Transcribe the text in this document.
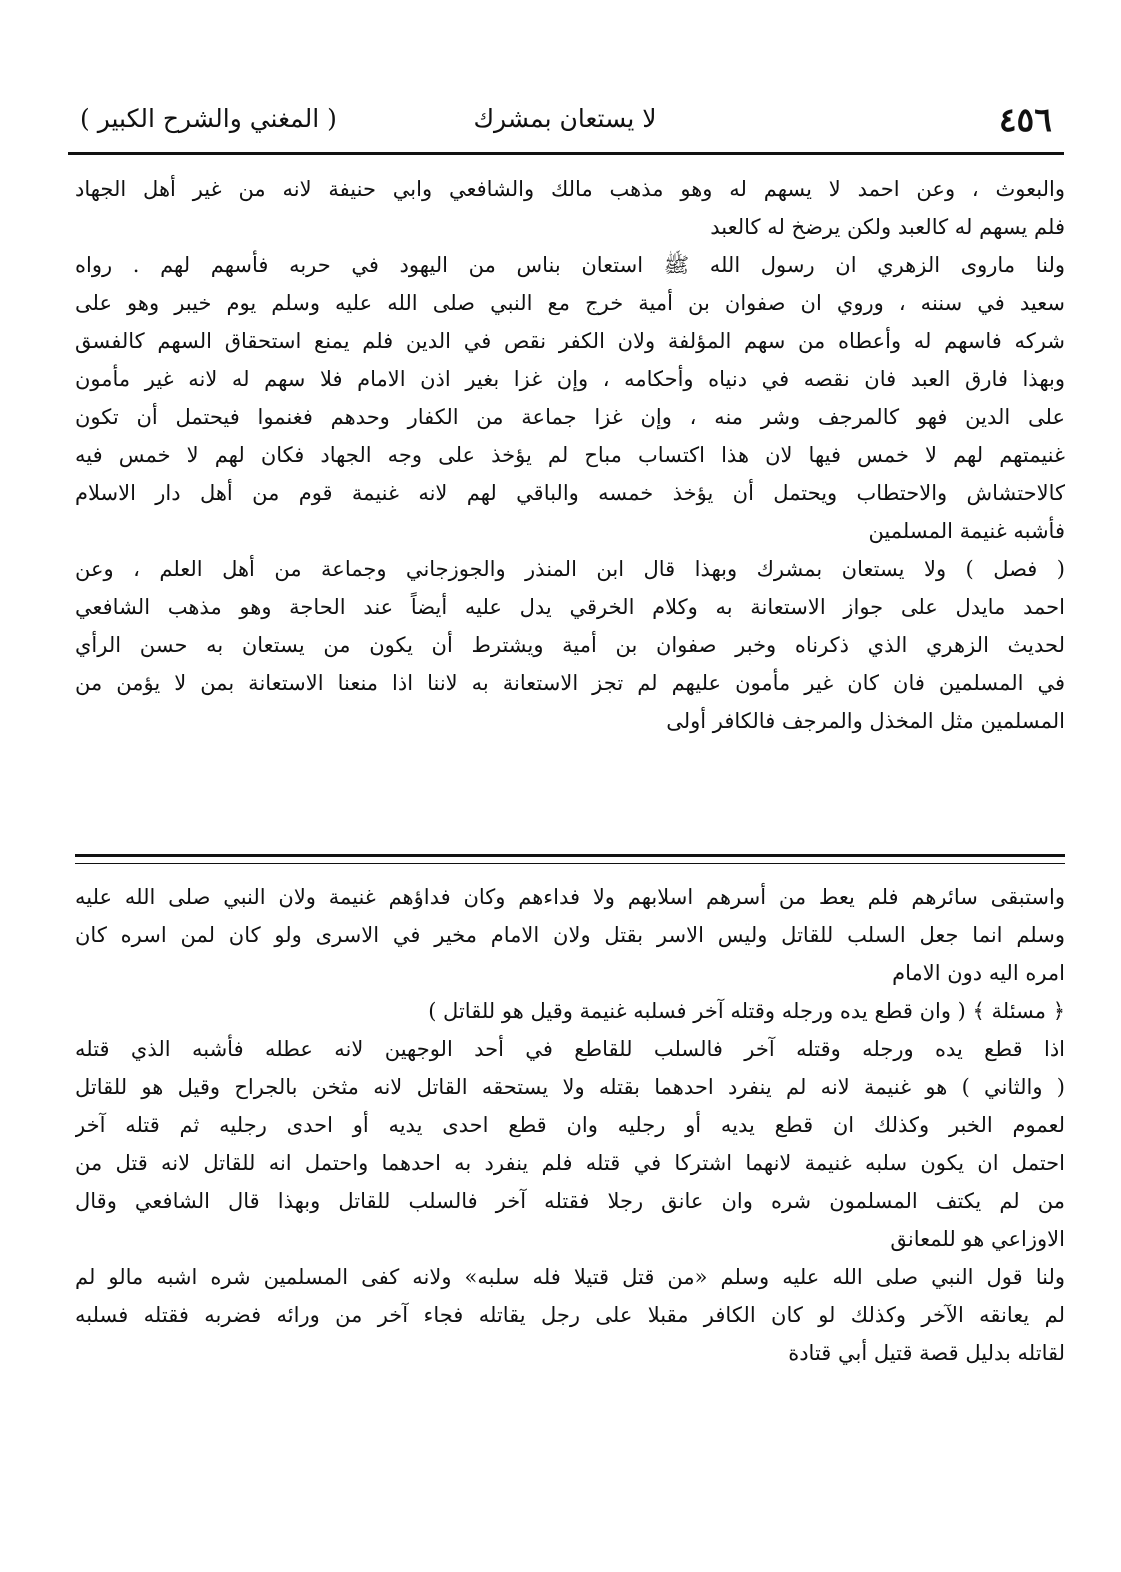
٤٥٦
لا يستعان بمشرك
( المغني والشرح الكبير )
والبعوث ، وعن احمد لا يسهم له وهو مذهب مالك والشافعي وابي حنيفة لانه من غير أهل الجهاد
فلم يسهم له كالعبد ولكن يرضخ له كالعبد
ولنا ماروى الزهري ان رسول الله ﷺ استعان بناس من اليهود في حربه فأسهم لهم . رواه
سعيد في سننه ، وروي ان صفوان بن أمية خرج مع النبي صلى الله عليه وسلم يوم خيبر وهو على
شركه فاسهم له وأعطاه من سهم المؤلفة ولان الكفر نقص في الدين فلم يمنع استحقاق السهم كالفسق
وبهذا فارق العبد فان نقصه في دنياه وأحكامه ، وإن غزا بغير اذن الامام فلا سهم له لانه غير مأمون
على الدين فهو كالمرجف وشر منه ، وإن غزا جماعة من الكفار وحدهم فغنموا فيحتمل أن تكون
غنيمتهم لهم لا خمس فيها لان هذا اكتساب مباح لم يؤخذ على وجه الجهاد فكان لهم لا خمس فيه
كالاحتشاش والاحتطاب ويحتمل أن يؤخذ خمسه والباقي لهم لانه غنيمة قوم من أهل دار الاسلام
فأشبه غنيمة المسلمين
( فصل ) ولا يستعان بمشرك وبهذا قال ابن المنذر والجوزجاني وجماعة من أهل العلم ، وعن
احمد مايدل على جواز الاستعانة به وكلام الخرقي يدل عليه أيضاً عند الحاجة وهو مذهب الشافعي
لحديث الزهري الذي ذكرناه وخبر صفوان بن أمية ويشترط أن يكون من يستعان به حسن الرأي
في المسلمين فان كان غير مأمون عليهم لم تجز الاستعانة به لاننا اذا منعنا الاستعانة بمن لا يؤمن من
المسلمين مثل المخذل والمرجف فالكافر أولى
واستبقى سائرهم فلم يعط من أسرهم اسلابهم ولا فداءهم وكان فداؤهم غنيمة ولان النبي صلى الله عليه
وسلم انما جعل السلب للقاتل وليس الاسر بقتل ولان الامام مخير في الاسرى ولو كان لمن اسره كان
امره اليه دون الامام
﴿ مسئلة ﴾ ( وان قطع يده ورجله وقتله آخر فسلبه غنيمة وقيل هو للقاتل )
اذا قطع يده ورجله وقتله آخر فالسلب للقاطع في أحد الوجهين لانه عطله فأشبه الذي قتله
( والثاني ) هو غنيمة لانه لم ينفرد احدهما بقتله ولا يستحقه القاتل لانه مثخن بالجراح وقيل هو للقاتل
لعموم الخبر وكذلك ان قطع يديه أو رجليه وان قطع احدى يديه أو احدى رجليه ثم قتله آخر
احتمل ان يكون سلبه غنيمة لانهما اشتركا في قتله فلم ينفرد به احدهما واحتمل انه للقاتل لانه قتل من
من لم يكتف المسلمون شره وان عانق رجلا فقتله آخر فالسلب للقاتل وبهذا قال الشافعي وقال
الاوزاعي هو للمعانق
ولنا قول النبي صلى الله عليه وسلم «من قتل قتيلا فله سلبه» ولانه كفى المسلمين شره اشبه مالو لم
لم يعانقه الآخر وكذلك لو كان الكافر مقبلا على رجل يقاتله فجاء آخر من ورائه فضربه فقتله فسلبه
لقاتله بدليل قصة قتيل أبي قتادة
